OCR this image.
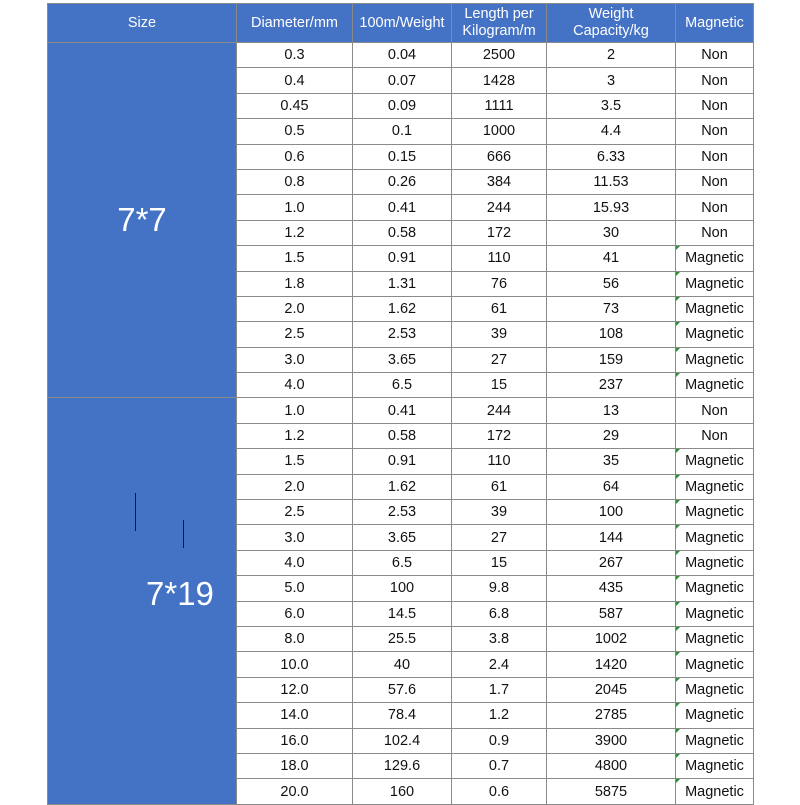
Size	Diameter/mm	100m/Weight	Length per Kilogram/m	Weight Capacity/kg	Magnetic
7*7	0.3	0.04	2500	2	Non
	0.4	0.07	1428	3	Non
	0.45	0.09	1111	3.5	Non
	0.5	0.1	1000	4.4	Non
	0.6	0.15	666	6.33	Non
	0.8	0.26	384	11.53	Non
	1.0	0.41	244	15.93	Non
	1.2	0.58	172	30	Non
	1.5	0.91	110	41	Magnetic

	1.8	1.31	76	56	Magnetic

	2.0	1.62	61	73	Magnetic

	2.5	2.53	39	108	Magnetic

	3.0	3.65	27	159	Magnetic

	4.0	6.5	15	237	Magnetic

7*19	1.0	0.41	244	13	Non
	1.2	0.58	172	29	Non
	1.5	0.91	110	35	Magnetic

	2.0	1.62	61	64	Magnetic

	2.5	2.53	39	100	Magnetic

	3.0	3.65	27	144	Magnetic

	4.0	6.5	15	267	Magnetic

	5.0	100	9.8	435	Magnetic

	6.0	14.5	6.8	587	Magnetic

	8.0	25.5	3.8	1002	Magnetic

	10.0	40	2.4	1420	Magnetic

	12.0	57.6	1.7	2045	Magnetic

	14.0	78.4	1.2	2785	Magnetic

	16.0	102.4	0.9	3900	Magnetic

	18.0	129.6	0.7	4800	Magnetic

	20.0	160	0.6	5875	Magnetic
